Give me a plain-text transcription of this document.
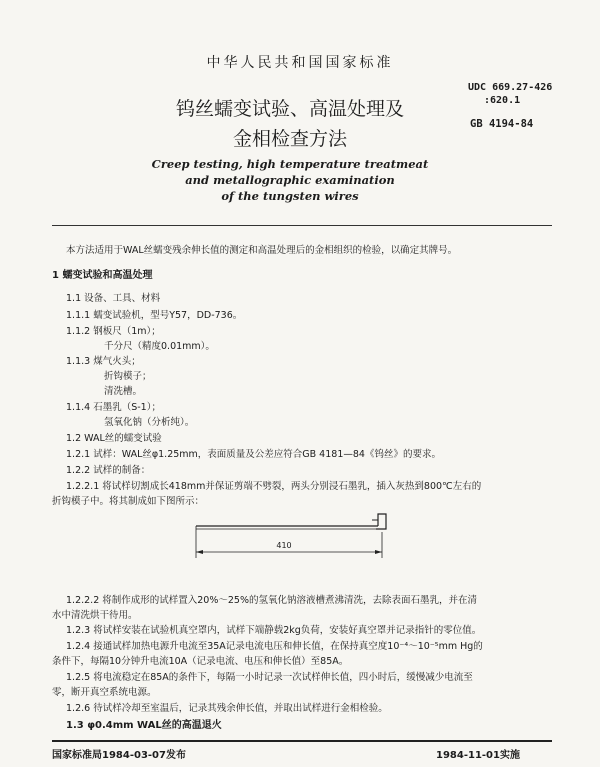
中华人民共和国国家标准
UDC 669.27-426
:620.1
GB 4194-84
钨丝蠕变试验、高温处理及
金相检查方法
Creep testing, high temperature treatmeat
and metallographic examination
of the tungsten wires
本方法适用于WAL丝蠕变残余伸长值的测定和高温处理后的金相组织的检验，以确定其牌号。
1 蠕变试验和高温处理
1.1 设备、工具、材料
1.1.1 蠕变试验机，型号Y57，DD-736。
1.1.2 钢板尺（1m）；
千分尺（精度0.01mm）。
1.1.3 煤气火头；
折钩模子；
清洗槽。
1.1.4 石墨乳（S-1）；
氢氧化钠（分析纯）。
1.2 WAL丝的蠕变试验
1.2.1 试样：WAL丝φ1.25mm，表面质量及公差应符合GB 4181—84《钨丝》的要求。
1.2.2 试样的制备：
1.2.2.1 将试样切割成长418mm并保证剪端不劈裂，两头分别浸石墨乳，插入灰热到800℃左右的
折钩模子中。将其制成如下图所示：
410
1.2.2.2 将制作成形的试样置入20%～25%的氢氧化钠溶液槽煮沸清洗，去除表面石墨乳，并在清
水中清洗烘干待用。
1.2.3 将试样安装在试验机真空罩内，试样下端静载2kg负荷，安装好真空罩并记录指针的零位值。
1.2.4 接通试样加热电源升电流至35A记录电流电压和伸长值，在保持真空度10⁻⁴～10⁻⁵mm Hg的
条件下，每隔10分钟升电流10A（记录电流、电压和伸长值）至85A。
1.2.5 将电流稳定在85A的条件下，每隔一小时记录一次试样伸长值，四小时后，缓慢减少电流至
零，断开真空系统电源。
1.2.6 待试样冷却至室温后，记录其残余伸长值，并取出试样进行金相检验。
1.3 φ0.4mm WAL丝的高温退火
国家标准局1984-03-07发布	1984-11-01实施
